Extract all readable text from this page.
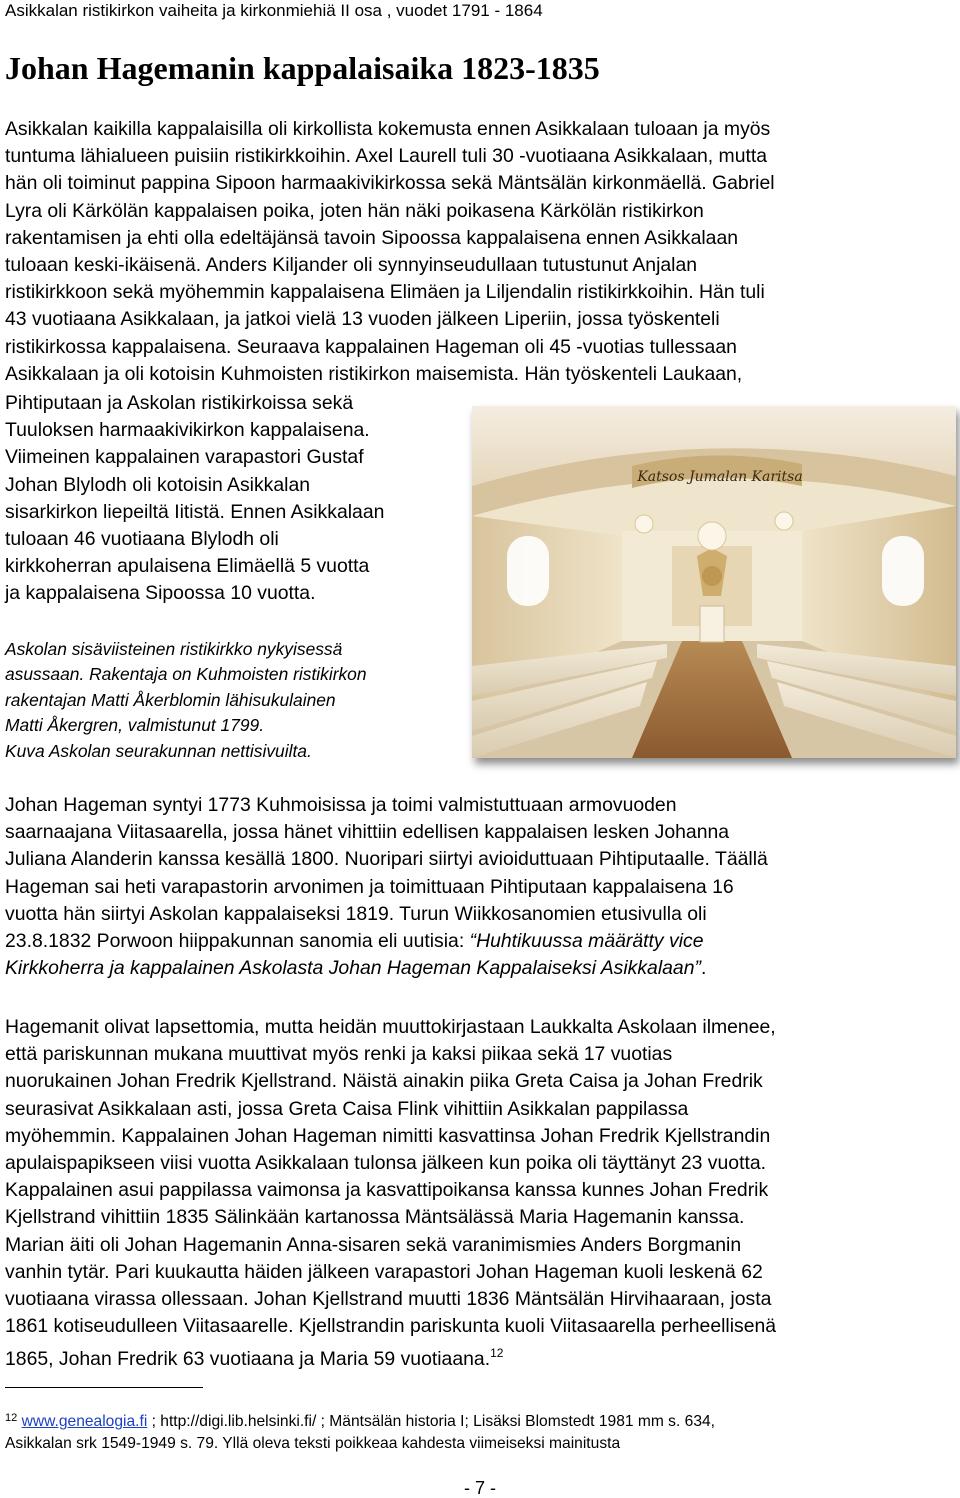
Asikkalan ristikirkon vaiheita ja kirkonmiehiä II osa , vuodet 1791 - 1864
Johan Hagemanin kappalaisaika 1823-1835
Asikkalan kaikilla kappalaisilla oli kirkollista kokemusta ennen Asikkalaan tuloaan ja myös
tuntuma lähialueen puisiin ristikirkkoihin. Axel Laurell tuli 30 -vuotiaana Asikkalaan, mutta
hän oli toiminut pappina Sipoon harmaakivikirkossa sekä Mäntsälän kirkonmäellä. Gabriel
Lyra oli Kärkölän kappalaisen poika, joten hän näki poikasena Kärkölän ristikirkon
rakentamisen ja ehti olla edeltäjänsä tavoin Sipoossa kappalaisena ennen Asikkalaan
tuloaan keski-ikäisenä. Anders Kiljander oli synnyinseudullaan tutustunut Anjalan
ristikirkkoon sekä myöhemmin kappalaisena Elimäen ja Liljendalin ristikirkkoihin. Hän tuli
43 vuotiaana Asikkalaan, ja jatkoi vielä 13 vuoden jälkeen Liperiin, jossa työskenteli
ristikirkossa kappalaisena. Seuraava kappalainen Hageman oli 45 -vuotias tullessaan
Asikkalaan ja oli kotoisin Kuhmoisten ristikirkon maisemista. Hän työskenteli Laukaan,
Pihtiputaan ja Askolan ristikirkoissa sekä
Tuuloksen harmaakivikirkon kappalaisena.
Viimeinen kappalainen varapastori Gustaf
Johan Blylodh oli kotoisin Asikkalan
sisarkirkon liepeiltä Iitistä. Ennen Asikkalaan
tuloaan 46 vuotiaana Blylodh oli
kirkkoherran apulaisena Elimäellä 5 vuotta
ja kappalaisena Sipoossa 10 vuotta.
Askolan sisäviisteinen ristikirkko nykyisessä
asussaan. Rakentaja on Kuhmoisten ristikirkon
rakentajan Matti Åkerblomin lähisukulainen
Matti Åkergren, valmistunut 1799.
Kuva Askolan seurakunnan nettisivuilta.
Katsos Jumalan Karitsa
Johan Hageman syntyi 1773 Kuhmoisissa ja toimi valmistuttuaan armovuoden
saarnaajana Viitasaarella, jossa hänet vihittiin edellisen kappalaisen lesken Johanna
Juliana Alanderin kanssa kesällä 1800. Nuoripari siirtyi avioiduttuaan Pihtiputaalle. Täällä
Hageman sai heti varapastorin arvonimen ja toimittuaan Pihtiputaan kappalaisena 16
vuotta hän siirtyi Askolan kappalaiseksi 1819. Turun Wiikkosanomien etusivulla oli
23.8.1832 Porwoon hiippakunnan sanomia eli uutisia: “Huhtikuussa määrätty vice
Kirkkoherra ja kappalainen Askolasta Johan Hageman Kappalaiseksi Asikkalaan”.
Hagemanit olivat lapsettomia, mutta heidän muuttokirjastaan Laukkalta Askolaan ilmenee,
että pariskunnan mukana muuttivat myös renki ja kaksi piikaa sekä 17 vuotias
nuorukainen Johan Fredrik Kjellstrand. Näistä ainakin piika Greta Caisa ja Johan Fredrik
seurasivat Asikkalaan asti, jossa Greta Caisa Flink vihittiin Asikkalan pappilassa
myöhemmin. Kappalainen Johan Hageman nimitti kasvattinsa Johan Fredrik Kjellstrandin
apulaispapikseen viisi vuotta Asikkalaan tulonsa jälkeen kun poika oli täyttänyt 23 vuotta.
Kappalainen asui pappilassa vaimonsa ja kasvattipoikansa kanssa kunnes Johan Fredrik
Kjellstrand vihittiin 1835 Sälinkään kartanossa Mäntsälässä Maria Hagemanin kanssa.
Marian äiti oli Johan Hagemanin Anna-sisaren sekä varanimismies Anders Borgmanin
vanhin tytär. Pari kuukautta häiden jälkeen varapastori Johan Hageman kuoli leskenä 62
vuotiaana virassa ollessaan. Johan Kjellstrand muutti 1836 Mäntsälän Hirvihaaraan, josta
1861 kotiseudulleen Viitasaarelle. Kjellstrandin pariskunta kuoli Viitasaarella perheellisenä
1865, Johan Fredrik 63 vuotiaana ja Maria 59 vuotiaana.$^{12}$
$^{12}$ www.genealogia.fi ; http://digi.lib.helsinki.fi/ ; Mäntsälän historia I; Lisäksi Blomstedt 1981 mm s. 634,
Asikkalan srk 1549-1949 s. 79. Yllä oleva teksti poikkeaa kahdesta viimeiseksi mainitusta
- 7 -
